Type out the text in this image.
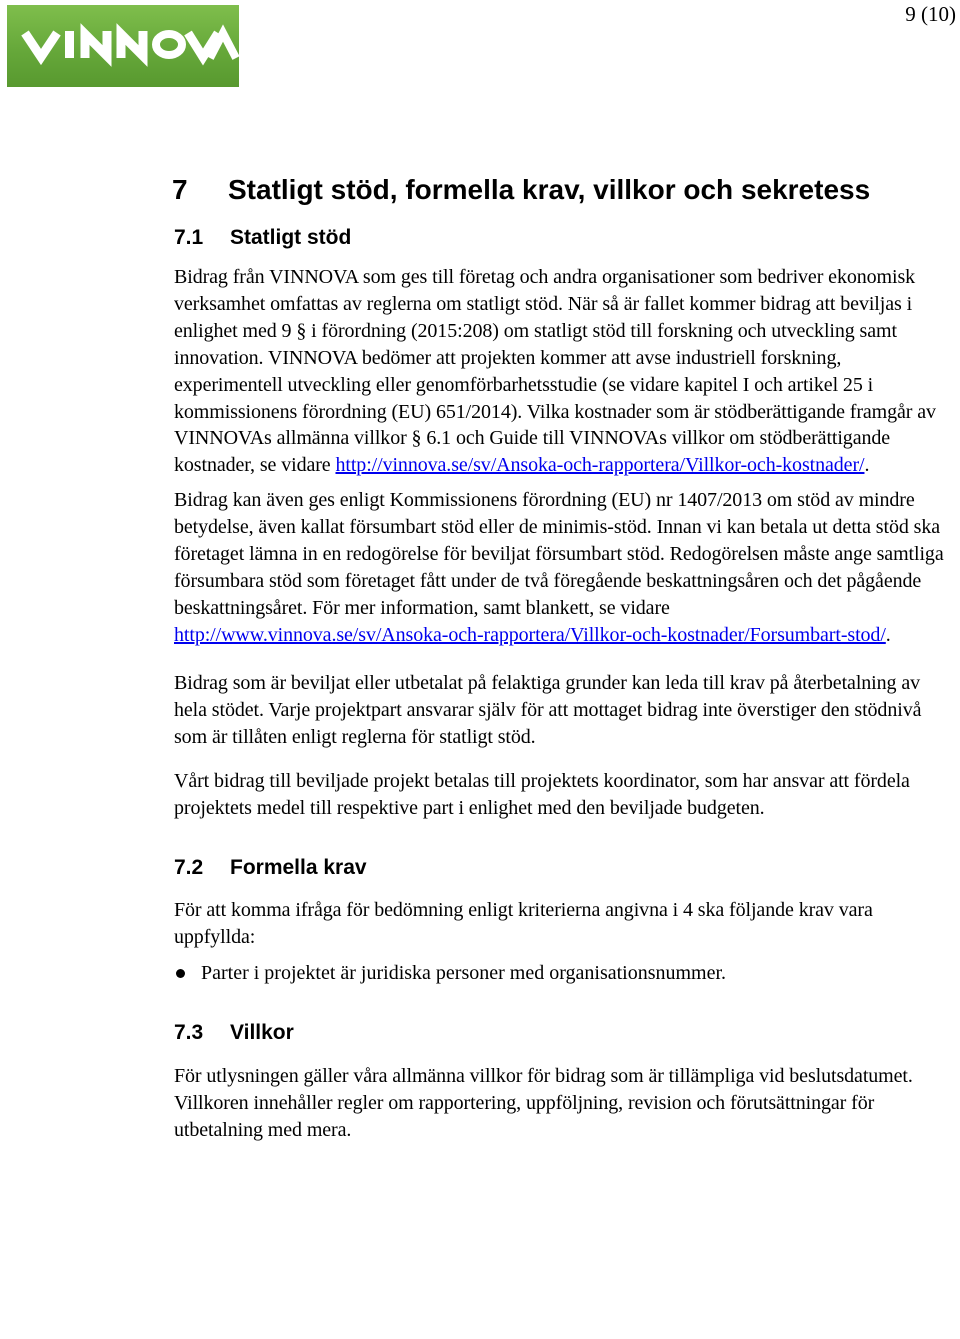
9 (10)
7 Statligt stöd, formella krav, villkor och sekretess
7.1 Statligt stöd

Bidrag från VINNOVA som ges till företag och andra organisationer som bedriver ekonomisk verksamhet omfattas av reglerna om statligt stöd. När så är fallet kommer bidrag att beviljas i enlighet med 9 § i förordning (2015:208) om statligt stöd till forskning och utveckling samt innovation. VINNOVA bedömer att projekten kommer att avse industriell forskning, experimentell utveckling eller genomförbarhetsstudie (se vidare kapitel I och artikel 25 i kommissionens förordning (EU) 651/2014). Vilka kostnader som är stödberättigande framgår av VINNOVAs allmänna villkor § 6.1 och Guide till VINNOVAs villkor om stödberättigande kostnader, se vidare http://vinnova.se/sv/Ansoka-och-rapportera/Villkor-och-kostnader/.

Bidrag kan även ges enligt Kommissionens förordning (EU) nr 1407/2013 om stöd av mindre betydelse, även kallat försumbart stöd eller de minimis-stöd. Innan vi kan betala ut detta stöd ska företaget lämna in en redogörelse för beviljat försumbart stöd. Redogörelsen måste ange samtliga försumbara stöd som företaget fått under de två föregående beskattningsåren och det pågående beskattningsåret. För mer information, samt blankett, se vidare http://www.vinnova.se/sv/Ansoka-och-rapportera/Villkor-och-kostnader/Forsumbart-stod/.

Bidrag som är beviljat eller utbetalat på felaktiga grunder kan leda till krav på återbetalning av hela stödet. Varje projektpart ansvarar själv för att mottaget bidrag inte överstiger den stödnivå som är tillåten enligt reglerna för statligt stöd.

Vårt bidrag till beviljade projekt betalas till projektets koordinator, som har ansvar att fördela projektets medel till respektive part i enlighet med den beviljade budgeten.

7.2 Formella krav

För att komma ifråga för bedömning enligt kriterierna angivna i 4 ska följande krav vara uppfyllda:

Parter i projektet är juridiska personer med organisationsnummer.
7.3 Villkor

För utlysningen gäller våra allmänna villkor för bidrag som är tillämpliga vid beslutsdatumet. Villkoren innehåller regler om rapportering, uppföljning, revision och förutsättningar för utbetalning med mera.
